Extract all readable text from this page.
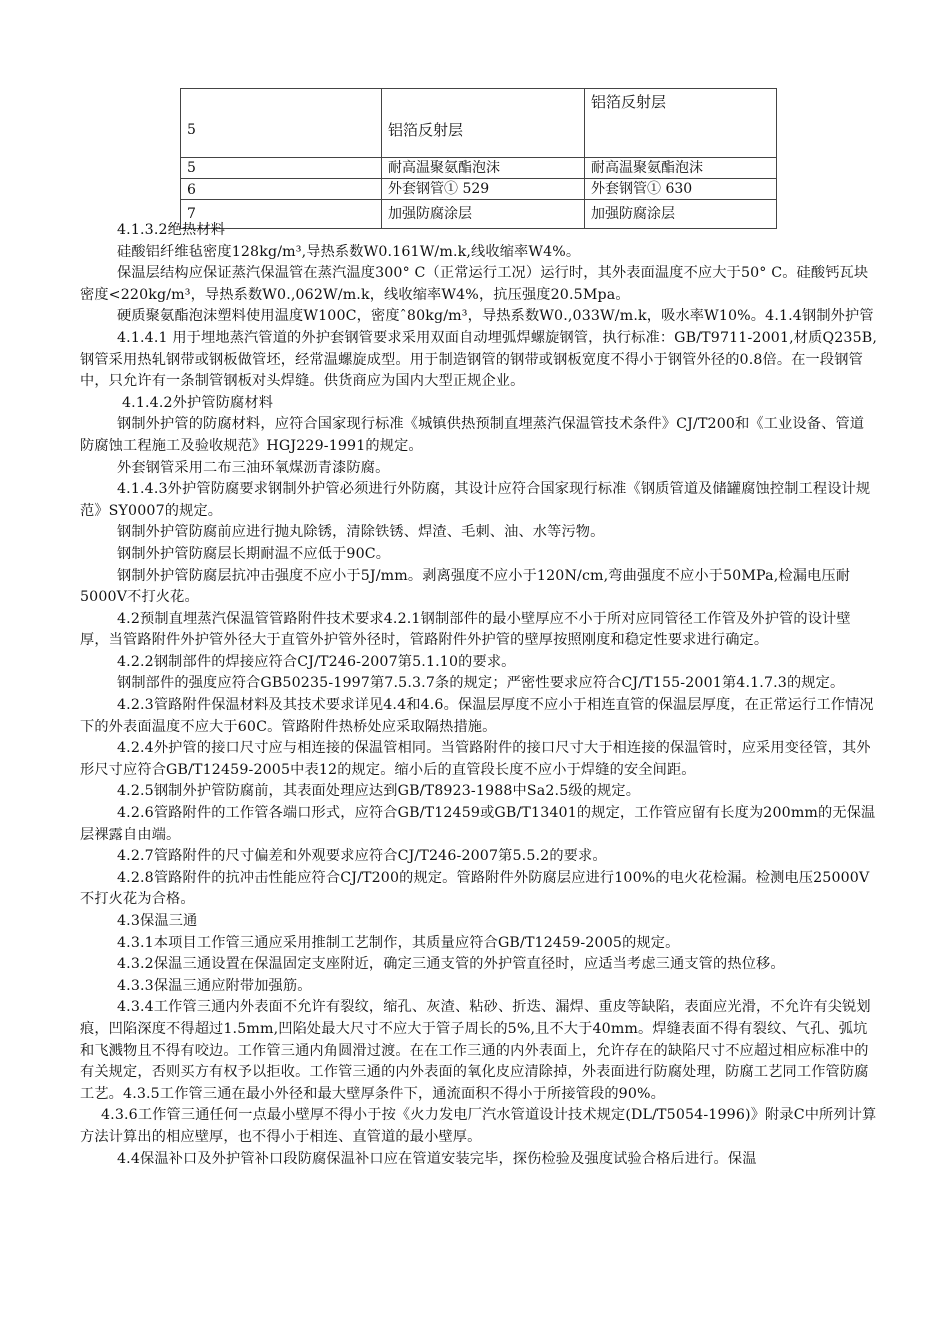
5	铝箔反射层	铝箔反射层
5	耐高温聚氨酯泡沫	耐高温聚氨酯泡沫
6	外套钢管① 529	外套钢管① 630
7	加强防腐涂层	加强防腐涂层

4.1.3.2绝热材料

硅酸铝纤维毡密度128kg/m³,导热系数W0.161W/m.k,线收缩率W4%。

保温层结构应保证蒸汽保温管在蒸汽温度300° C（正常运行工况）运行时，其外表面温度不应大于50° C。硅酸钙瓦块密度<220kg/m³，导热系数W0.,062W/m.k，线收缩率W4%，抗压强度20.5Mpa。

硬质聚氨酯泡沫塑料使用温度W100C，密度ˆ80kg/m³，导热系数W0.,033W/m.k，吸水率W10%。4.1.4钢制外护管

4.1.4.1 用于埋地蒸汽管道的外护套钢管要求采用双面自动埋弧焊螺旋钢管，执行标准：GB/T9711-2001,材质Q235B,钢管采用热轧钢带或钢板做管坯，经常温螺旋成型。用于制造钢管的钢带或钢板宽度不得小于钢管外径的0.8倍。在一段钢管中，只允许有一条制管钢板对头焊缝。供货商应为国内大型正规企业。

4.1.4.2外护管防腐材料

钢制外护管的防腐材料，应符合国家现行标准《城镇供热预制直埋蒸汽保温管技术条件》CJ/T200和《工业设备、管道防腐蚀工程施工及验收规范》HGJ229-1991的规定。

外套钢管采用二布三油环氧煤沥青漆防腐。

4.1.4.3外护管防腐要求钢制外护管必须进行外防腐，其设计应符合国家现行标准《钢质管道及储罐腐蚀控制工程设计规范》SY0007的规定。

钢制外护管防腐前应进行抛丸除锈，清除铁锈、焊渣、毛刺、油、水等污物。

钢制外护管防腐层长期耐温不应低于90C。

钢制外护管防腐层抗冲击强度不应小于5J/mm。剥离强度不应小于120N/cm,弯曲强度不应小于50MPa,检漏电压耐5000V不打火花。

4.2预制直埋蒸汽保温管管路附件技术要求4.2.1钢制部件的最小壁厚应不小于所对应同管径工作管及外护管的设计壁厚，当管路附件外护管外径大于直管外护管外径时，管路附件外护管的壁厚按照刚度和稳定性要求进行确定。

4.2.2钢制部件的焊接应符合CJ/T246-2007第5.1.10的要求。

钢制部件的强度应符合GB50235-1997第7.5.3.7条的规定；严密性要求应符合CJ/T155-2001第4.1.7.3的规定。

4.2.3管路附件保温材料及其技术要求详见4.4和4.6。保温层厚度不应小于相连直管的保温层厚度，在正常运行工作情况下的外表面温度不应大于60C。管路附件热桥处应采取隔热措施。

4.2.4外护管的接口尺寸应与相连接的保温管相同。当管路附件的接口尺寸大于相连接的保温管时，应采用变径管，其外形尺寸应符合GB/T12459-2005中表12的规定。缩小后的直管段长度不应小于焊缝的安全间距。

4.2.5钢制外护管防腐前，其表面处理应达到GB/T8923-1988中Sa2.5级的规定。

4.2.6管路附件的工作管各端口形式，应符合GB/T12459或GB/T13401的规定，工作管应留有长度为200mm的无保温层裸露自由端。

4.2.7管路附件的尺寸偏差和外观要求应符合CJ/T246-2007第5.5.2的要求。

4.2.8管路附件的抗冲击性能应符合CJ/T200的规定。管路附件外防腐层应进行100%的电火花检漏。检测电压25000V不打火花为合格。

4.3保温三通

4.3.1本项目工作管三通应采用推制工艺制作，其质量应符合GB/T12459-2005的规定。

4.3.2保温三通设置在保温固定支座附近，确定三通支管的外护管直径时，应适当考虑三通支管的热位移。

4.3.3保温三通应附带加强筋。

4.3.4工作管三通内外表面不允许有裂纹，缩孔、灰渣、粘砂、折迭、漏焊、重皮等缺陷，表面应光滑，不允许有尖锐划痕，凹陷深度不得超过1.5mm,凹陷处最大尺寸不应大于管子周长的5%,且不大于40mm。焊缝表面不得有裂纹、气孔、弧坑和飞溅物且不得有咬边。工作管三通内角圆滑过渡。在在工作三通的内外表面上，允许存在的缺陷尺寸不应超过相应标准中的有关规定，否则买方有权予以拒收。工作管三通的内外表面的氧化皮应清除掉，外表面进行防腐处理，防腐工艺同工作管防腐工艺。4.3.5工作管三通在最小外径和最大壁厚条件下，通流面积不得小于所接管段的90%。

4.3.6工作管三通任何一点最小壁厚不得小于按《火力发电厂汽水管道设计技术规定(DL/T5054-1996)》附录C中所列计算方法计算出的相应壁厚，也不得小于相连、直管道的最小壁厚。

4.4保温补口及外护管补口段防腐保温补口应在管道安装完毕，探伤检验及强度试验合格后进行。保温
